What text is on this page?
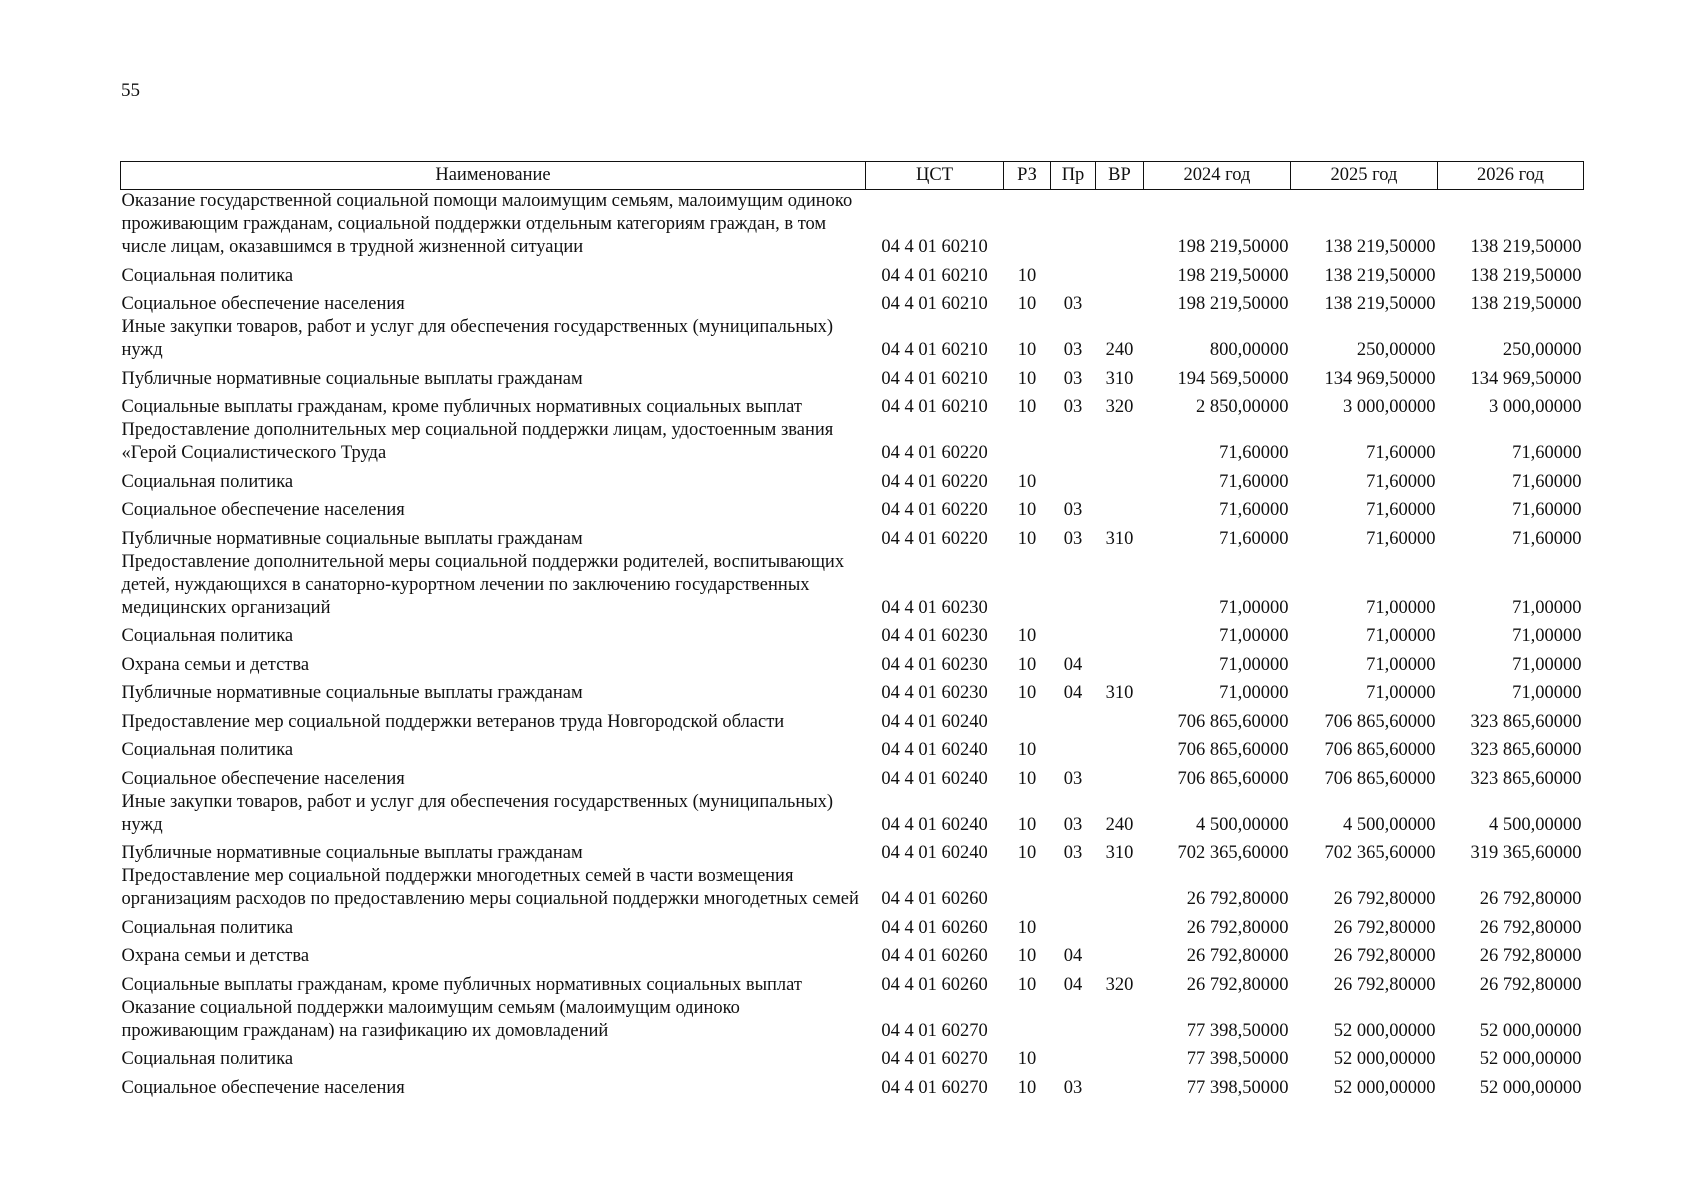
55
Наименование	ЦСТ	РЗ	Пр	ВР	2024 год	2025 год	2026 год
Оказание государственной социальной помощи малоимущим семьям, малоимущим одиноко проживающим гражданам, социальной поддержки отдельным категориям граждан, в том числе лицам, оказавшимся в трудной жизненной ситуации	04 4 01 60210				198 219,50000	138 219,50000	138 219,50000
Социальная политика	04 4 01 60210	10			198 219,50000	138 219,50000	138 219,50000
Социальное обеспечение населения	04 4 01 60210	10	03		198 219,50000	138 219,50000	138 219,50000
Иные закупки товаров, работ и услуг для обеспечения государственных (муниципальных) нужд	04 4 01 60210	10	03	240	800,00000	250,00000	250,00000
Публичные нормативные социальные выплаты гражданам	04 4 01 60210	10	03	310	194 569,50000	134 969,50000	134 969,50000
Социальные выплаты гражданам, кроме публичных нормативных социальных выплат	04 4 01 60210	10	03	320	2 850,00000	3 000,00000	3 000,00000
Предоставление дополнительных мер социальной поддержки лицам, удостоенным звания «Герой Социалистического Труда	04 4 01 60220				71,60000	71,60000	71,60000
Социальная политика	04 4 01 60220	10			71,60000	71,60000	71,60000
Социальное обеспечение населения	04 4 01 60220	10	03		71,60000	71,60000	71,60000
Публичные нормативные социальные выплаты гражданам	04 4 01 60220	10	03	310	71,60000	71,60000	71,60000
Предоставление дополнительной меры социальной поддержки родителей, воспитывающих детей, нуждающихся в санаторно-курортном лечении по заключению государственных медицинских организаций	04 4 01 60230				71,00000	71,00000	71,00000
Социальная политика	04 4 01 60230	10			71,00000	71,00000	71,00000
Охрана семьи и детства	04 4 01 60230	10	04		71,00000	71,00000	71,00000
Публичные нормативные социальные выплаты гражданам	04 4 01 60230	10	04	310	71,00000	71,00000	71,00000
Предоставление мер социальной поддержки ветеранов труда Новгородской области	04 4 01 60240				706 865,60000	706 865,60000	323 865,60000
Социальная политика	04 4 01 60240	10			706 865,60000	706 865,60000	323 865,60000
Социальное обеспечение населения	04 4 01 60240	10	03		706 865,60000	706 865,60000	323 865,60000
Иные закупки товаров, работ и услуг для обеспечения государственных (муниципальных) нужд	04 4 01 60240	10	03	240	4 500,00000	4 500,00000	4 500,00000
Публичные нормативные социальные выплаты гражданам	04 4 01 60240	10	03	310	702 365,60000	702 365,60000	319 365,60000
Предоставление мер социальной поддержки многодетных семей в части возмещения организациям расходов по предоставлению меры социальной поддержки многодетных семей	04 4 01 60260				26 792,80000	26 792,80000	26 792,80000
Социальная политика	04 4 01 60260	10			26 792,80000	26 792,80000	26 792,80000
Охрана семьи и детства	04 4 01 60260	10	04		26 792,80000	26 792,80000	26 792,80000
Социальные выплаты гражданам, кроме публичных нормативных социальных выплат	04 4 01 60260	10	04	320	26 792,80000	26 792,80000	26 792,80000
Оказание социальной поддержки малоимущим семьям (малоимущим одиноко проживающим гражданам) на газификацию их домовладений	04 4 01 60270				77 398,50000	52 000,00000	52 000,00000
Социальная политика	04 4 01 60270	10			77 398,50000	52 000,00000	52 000,00000
Социальное обеспечение населения	04 4 01 60270	10	03		77 398,50000	52 000,00000	52 000,00000
